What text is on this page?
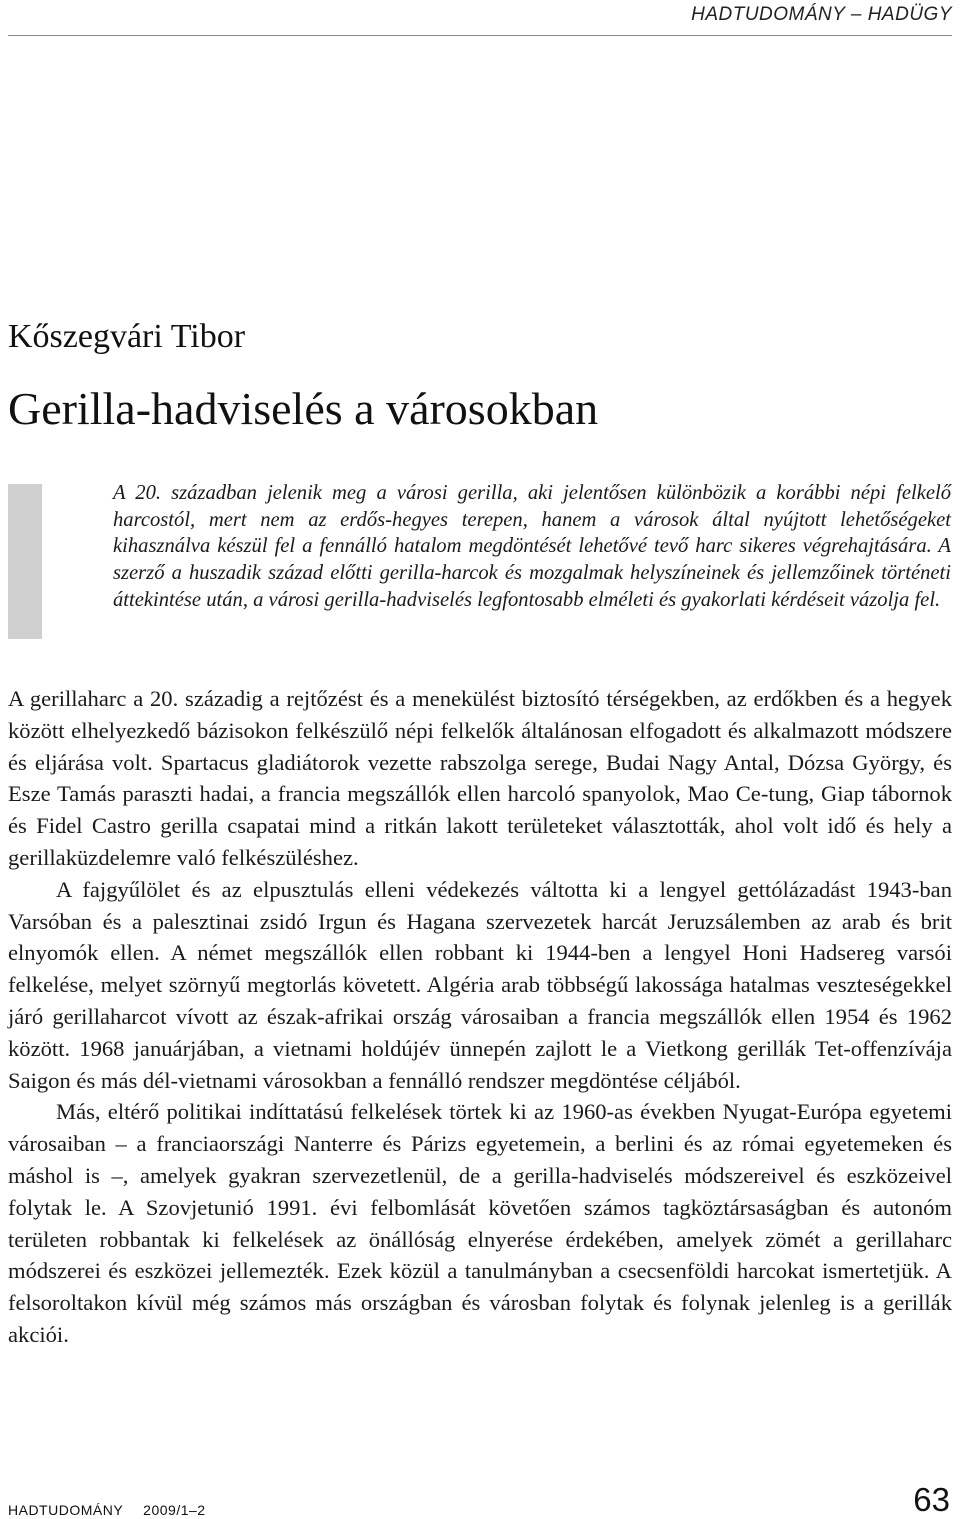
HADTUDOMÁNY – HADÜGY
Kőszegvári Tibor
Gerilla-hadviselés a városokban

A 20. században jelenik meg a városi gerilla, aki jelentősen különbözik a korábbi népi felkelő harcostól, mert nem az erdős-hegyes terepen, hanem a városok által nyújtott lehetőségeket kihasználva készül fel a fennálló hatalom megdöntését lehetővé tevő harc sikeres végrehajtására. A szerző a huszadik század előtti gerilla-harcok és mozgalmak helyszíneinek és jellemzőinek történeti áttekintése után, a városi gerilla-hadviselés legfontosabb elméleti és gyakorlati kérdéseit vázolja fel.

A gerillaharc a 20. századig a rejtőzést és a menekülést biztosító térségekben, az erdőkben és a hegyek között elhelyezkedő bázisokon felkészülő népi felkelők általánosan elfogadott és alkalmazott módszere és eljárása volt. Spartacus gladiátorok vezette rabszolga serege, Budai Nagy Antal, Dózsa György, és Esze Tamás paraszti hadai, a francia megszállók ellen harcoló spanyolok, Mao Ce-tung, Giap tábornok és Fidel Castro gerilla csapatai mind a ritkán lakott területeket választották, ahol volt idő és hely a gerillaküzdelemre való felkészüléshez.

A fajgyűlölet és az elpusztulás elleni védekezés váltotta ki a lengyel gettólázadást 1943-ban Varsóban és a palesztinai zsidó Irgun és Hagana szervezetek harcát Jeruzsálemben az arab és brit elnyomók ellen. A német megszállók ellen robbant ki 1944-ben a lengyel Honi Hadsereg varsói felkelése, melyet szörnyű megtorlás követett. Algéria arab többségű lakossága hatalmas veszteségekkel járó gerillaharcot vívott az észak-afrikai ország városaiban a francia megszállók ellen 1954 és 1962 között. 1968 januárjában, a vietnami holdújév ünnepén zajlott le a Vietkong gerillák Tet-offenzívája Saigon és más dél-vietnami városokban a fennálló rendszer megdöntése céljából.

Más, eltérő politikai indíttatású felkelések törtek ki az 1960-as években Nyugat-Európa egyetemi városaiban – a franciaországi Nanterre és Párizs egyetemein, a berlini és az római egyetemeken és máshol is –, amelyek gyakran szervezetlenül, de a gerilla-hadviselés módszereivel és eszközeivel folytak le. A Szovjetunió 1991. évi felbomlását követően számos tagköztársaságban és autonóm területen robbantak ki felkelések az önállóság elnyerése érdekében, amelyek zömét a gerillaharc módszerei és eszközei jellemezték. Ezek közül a tanulmányban a csecsenföldi harcokat ismertetjük. A felsoroltakon kívül még számos más országban és városban folytak és folynak jelenleg is a gerillák akciói.

HADTUDOMÁNY 2009/1–2	63
